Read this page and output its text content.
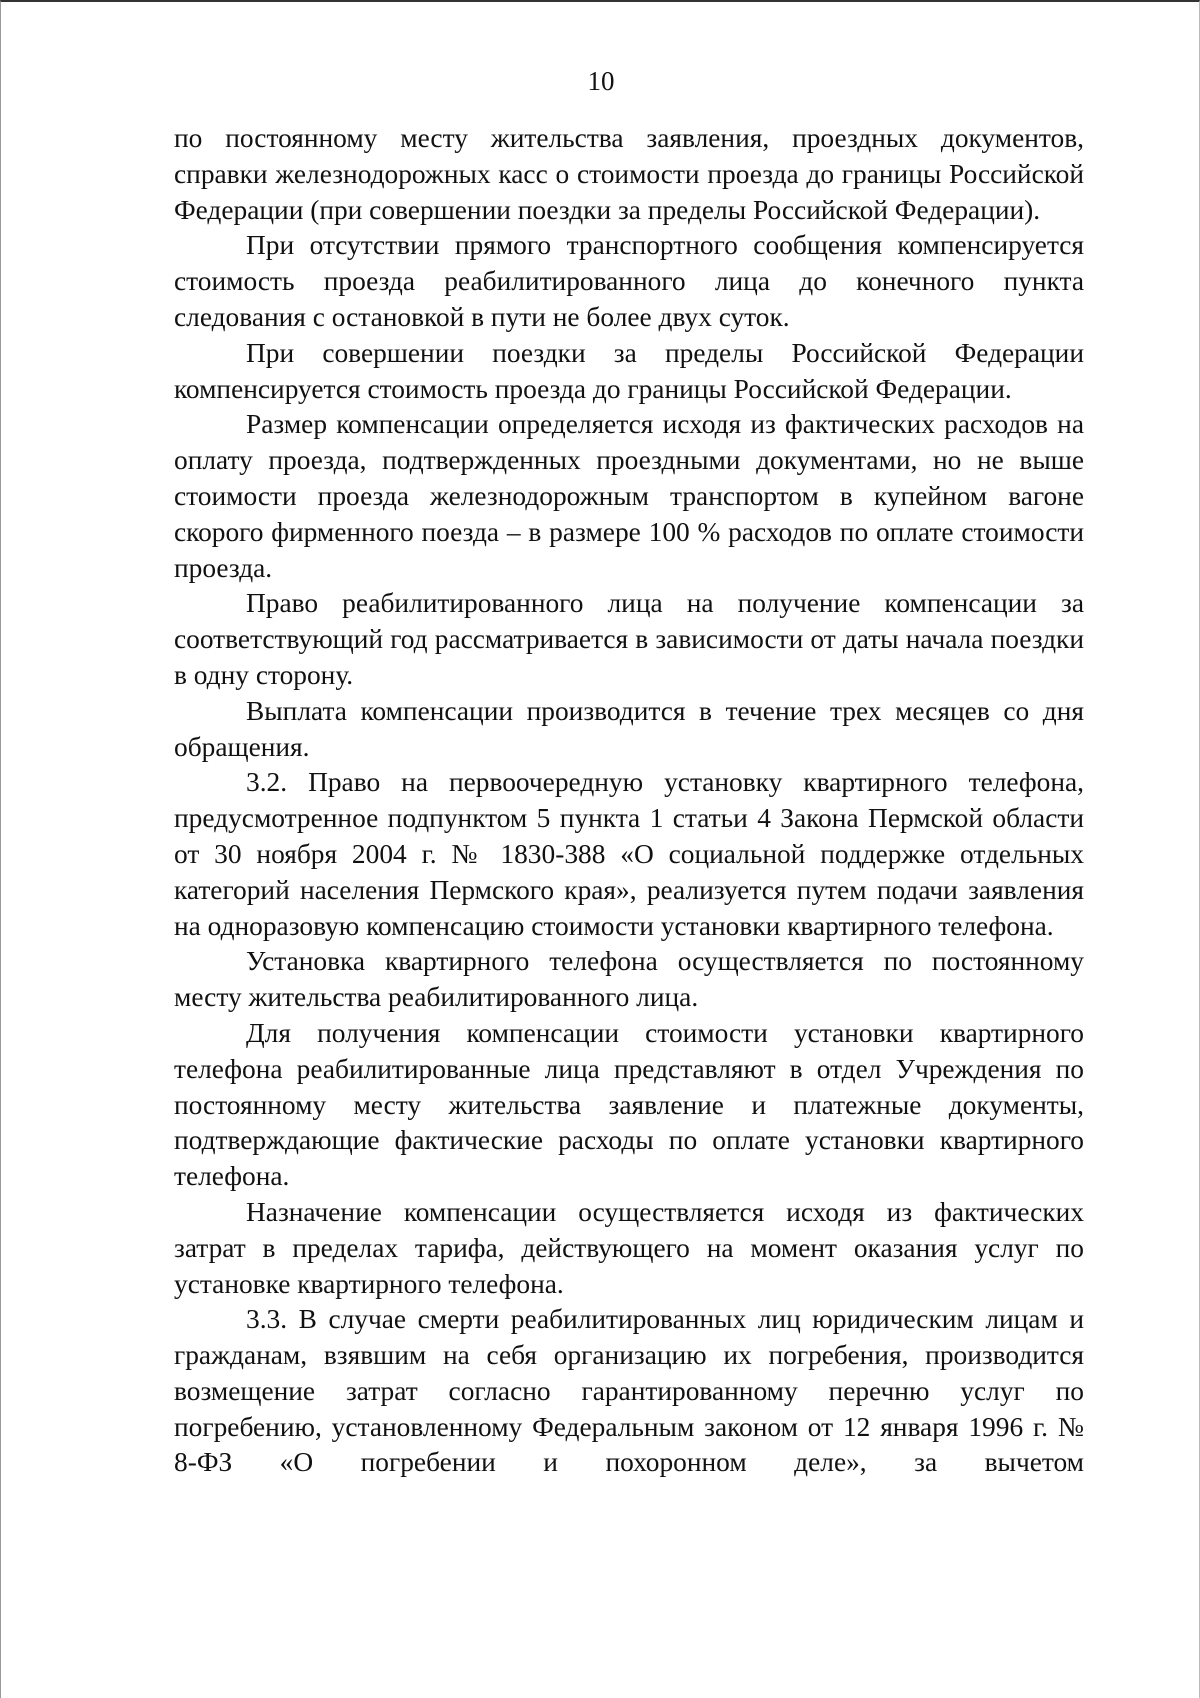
10

по постоянному месту жительства заявления, проездных документов, справки железнодорожных касс о стоимости проезда до границы Российской Федерации (при совершении поездки за пределы Российской Федерации).

При отсутствии прямого транспортного сообщения компенсируется стоимость проезда реабилитированного лица до конечного пункта следования с остановкой в пути не более двух суток.

При совершении поездки за пределы Российской Федерации компенсируется стоимость проезда до границы Российской Федерации.

Размер компенсации определяется исходя из фактических расходов на оплату проезда, подтвержденных проездными документами, но не выше стоимости проезда железнодорожным транспортом в купейном вагоне скорого фирменного поезда – в размере 100 % расходов по оплате стоимости проезда.

Право реабилитированного лица на получение компенсации за соответствующий год рассматривается в зависимости от даты начала поездки в одну сторону.

Выплата компенсации производится в течение трех месяцев со дня обращения.

3.2. Право на первоочередную установку квартирного телефона, предусмотренное подпунктом 5 пункта 1 статьи 4 Закона Пермской области от 30 ноября 2004 г. № 1830-388 «О социальной поддержке отдельных категорий населения Пермского края», реализуется путем подачи заявления на одноразовую компенсацию стоимости установки квартирного телефона.

Установка квартирного телефона осуществляется по постоянному месту жительства реабилитированного лица.

Для получения компенсации стоимости установки квартирного телефона реабилитированные лица представляют в отдел Учреждения по постоянному месту жительства заявление и платежные документы, подтверждающие фактические расходы по оплате установки квартирного телефона.

Назначение компенсации осуществляется исходя из фактических затрат в пределах тарифа, действующего на момент оказания услуг по установке квартирного телефона.

3.3. В случае смерти реабилитированных лиц юридическим лицам и гражданам, взявшим на себя организацию их погребения, производится возмещение затрат согласно гарантированному перечню услуг по погребению, установленному Федеральным законом от 12 января 1996 г. № 8-ФЗ «О погребении и похоронном деле», за вычетом
